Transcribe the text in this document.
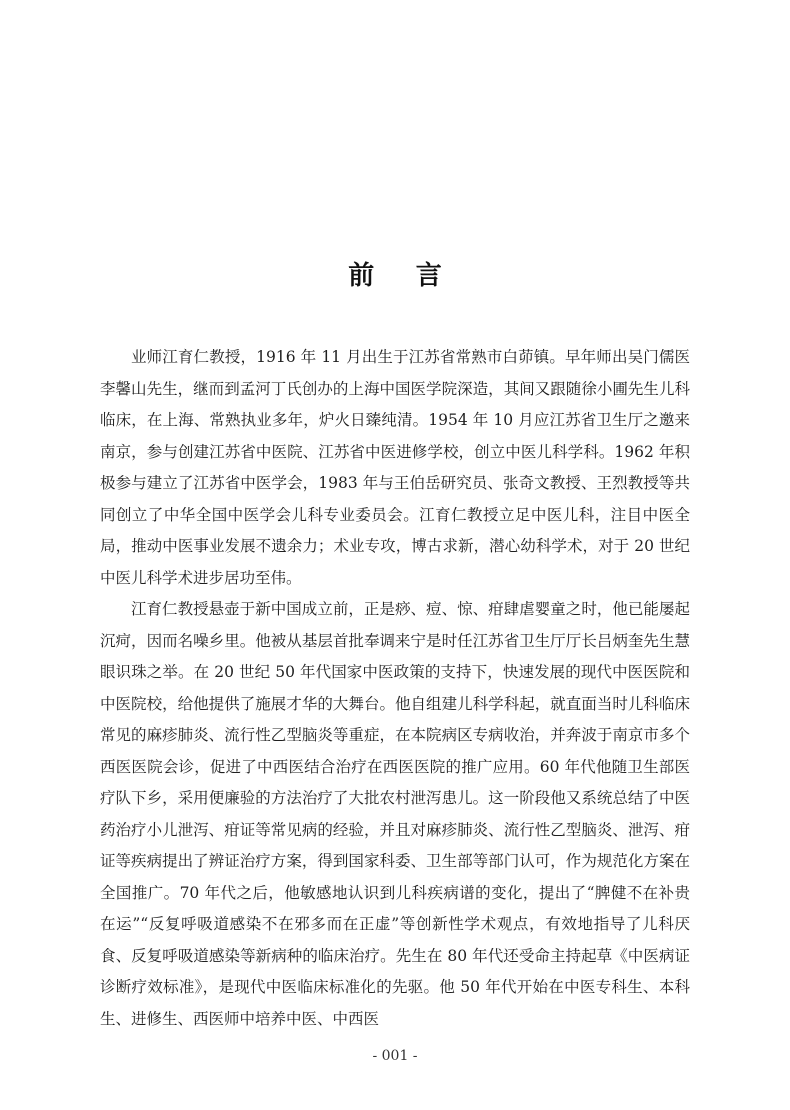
前　言

业师江育仁教授，1916 年 11 月出生于江苏省常熟市白茆镇。早年师出吴门儒医李馨山先生，继而到孟河丁氏创办的上海中国医学院深造，其间又跟随徐小圃先生儿科临床，在上海、常熟执业多年，炉火日臻纯清。1954 年 10 月应江苏省卫生厅之邀来南京，参与创建江苏省中医院、江苏省中医进修学校，创立中医儿科学科。1962 年积极参与建立了江苏省中医学会，1983 年与王伯岳研究员、张奇文教授、王烈教授等共同创立了中华全国中医学会儿科专业委员会。江育仁教授立足中医儿科，注目中医全局，推动中医事业发展不遗余力；术业专攻，博古求新，潜心幼科学术，对于 20 世纪中医儿科学术进步居功至伟。

江育仁教授悬壶于新中国成立前，正是痧、痘、惊、疳肆虐婴童之时，他已能屡起沉疴，因而名噪乡里。他被从基层首批奉调来宁是时任江苏省卫生厅厅长吕炳奎先生慧眼识珠之举。在 20 世纪 50 年代国家中医政策的支持下，快速发展的现代中医医院和中医院校，给他提供了施展才华的大舞台。他自组建儿科学科起，就直面当时儿科临床常见的麻疹肺炎、流行性乙型脑炎等重症，在本院病区专病收治，并奔波于南京市多个西医医院会诊，促进了中西医结合治疗在西医医院的推广应用。60 年代他随卫生部医疗队下乡，采用便廉验的方法治疗了大批农村泄泻患儿。这一阶段他又系统总结了中医药治疗小儿泄泻、疳证等常见病的经验，并且对麻疹肺炎、流行性乙型脑炎、泄泻、疳证等疾病提出了辨证治疗方案，得到国家科委、卫生部等部门认可，作为规范化方案在全国推广。70 年代之后，他敏感地认识到儿科疾病谱的变化，提出了“脾健不在补贵在运”“反复呼吸道感染不在邪多而在正虚”等创新性学术观点，有效地指导了儿科厌食、反复呼吸道感染等新病种的临床治疗。先生在 80 年代还受命主持起草《中医病证诊断疗效标准》，是现代中医临床标准化的先驱。他 50 年代开始在中医专科生、本科生、进修生、西医师中培养中医、中西医

- 001 -
